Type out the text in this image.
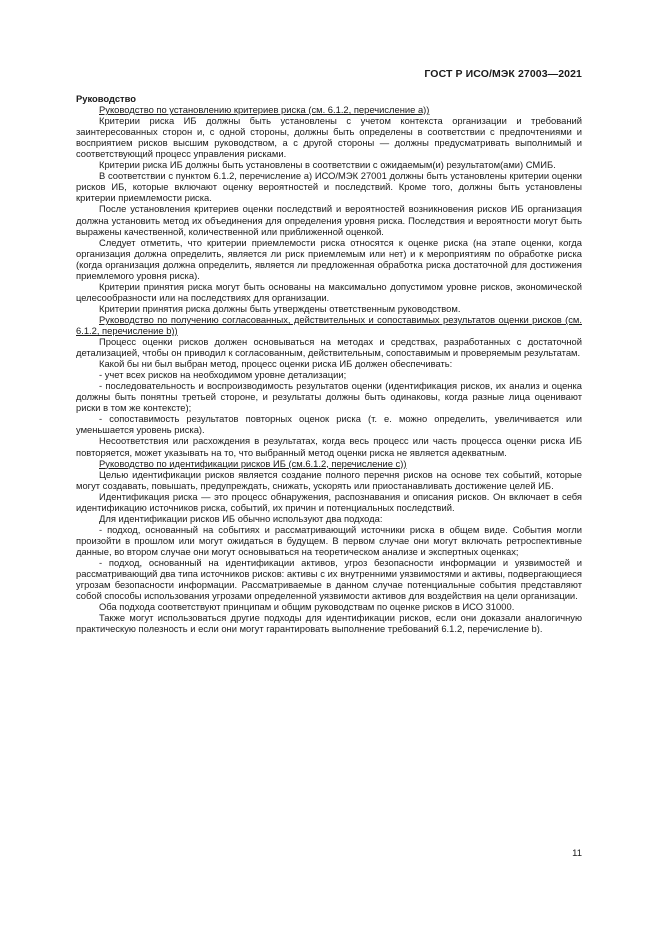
ГОСТ Р ИСО/МЭК 27003—2021
Руководство

Руководство по установлению критериев риска (см. 6.1.2, перечисление а))

Критерии риска ИБ должны быть установлены с учетом контекста организации и требований заинтересованных сторон и, с одной стороны, должны быть определены в соответствии с предпочтениями и восприятием рисков высшим руководством, а с другой стороны — должны предусматривать выполнимый и соответствующий процесс управления рисками.

Критерии риска ИБ должны быть установлены в соответствии с ожидаемым(и) результатом(ами) СМИБ.

В соответствии с пунктом 6.1.2, перечисление а) ИСО/МЭК 27001 должны быть установлены критерии оценки рисков ИБ, которые включают оценку вероятностей и последствий. Кроме того, должны быть установлены критерии приемлемости риска.

После установления критериев оценки последствий и вероятностей возникновения рисков ИБ организация должна установить метод их объединения для определения уровня риска. Последствия и вероятности могут быть выражены качественной, количественной или приближенной оценкой.

Следует отметить, что критерии приемлемости риска относятся к оценке риска (на этапе оценки, когда организация должна определить, является ли риск приемлемым или нет) и к мероприятиям по обработке риска (когда организация должна определить, является ли предложенная обработка риска достаточной для достижения приемлемого уровня риска).

Критерии принятия риска могут быть основаны на максимально допустимом уровне рисков, экономической целесообразности или на последствиях для организации.

Критерии принятия риска должны быть утверждены ответственным руководством.

Руководство по получению согласованных, действительных и сопоставимых результатов оценки рисков (см. 6.1.2, перечисление b))

Процесс оценки рисков должен основываться на методах и средствах, разработанных с достаточной детализацией, чтобы он приводил к согласованным, действительным, сопоставимым и проверяемым результатам.

Какой бы ни был выбран метод, процесс оценки риска ИБ должен обеспечивать:

- учет всех рисков на необходимом уровне детализации;

- последовательность и воспроизводимость результатов оценки (идентификация рисков, их анализ и оценка должны быть понятны третьей стороне, и результаты должны быть одинаковы, когда разные лица оценивают риски в том же контексте);

- сопоставимость результатов повторных оценок риска (т. е. можно определить, увеличивается или уменьшается уровень риска).

Несоответствия или расхождения в результатах, когда весь процесс или часть процесса оценки риска ИБ повторяется, может указывать на то, что выбранный метод оценки риска не является адекватным.

Руководство по идентификации рисков ИБ (см.6.1.2, перечисление с))

Целью идентификации рисков является создание полного перечня рисков на основе тех событий, которые могут создавать, повышать, предупреждать, снижать, ускорять или приостанавливать достижение целей ИБ.

Идентификация риска — это процесс обнаружения, распознавания и описания рисков. Он включает в себя идентификацию источников риска, событий, их причин и потенциальных последствий.

Для идентификации рисков ИБ обычно используют два подхода:

- подход, основанный на событиях и рассматривающий источники риска в общем виде. События могли произойти в прошлом или могут ожидаться в будущем. В первом случае они могут включать ретроспективные данные, во втором случае они могут основываться на теоретическом анализе и экспертных оценках;

- подход, основанный на идентификации активов, угроз безопасности информации и уязвимостей и рассматривающий два типа источников рисков: активы с их внутренними уязвимостями и активы, подвергающиеся угрозам безопасности информации. Рассматриваемые в данном случае потенциальные события представляют собой способы использования угрозами определенной уязвимости активов для воздействия на цели организации.

Оба подхода соответствуют принципам и общим руководствам по оценке рисков в ИСО 31000.

Также могут использоваться другие подходы для идентификации рисков, если они доказали аналогичную практическую полезность и если они могут гарантировать выполнение требований 6.1.2, перечисление b).

11
